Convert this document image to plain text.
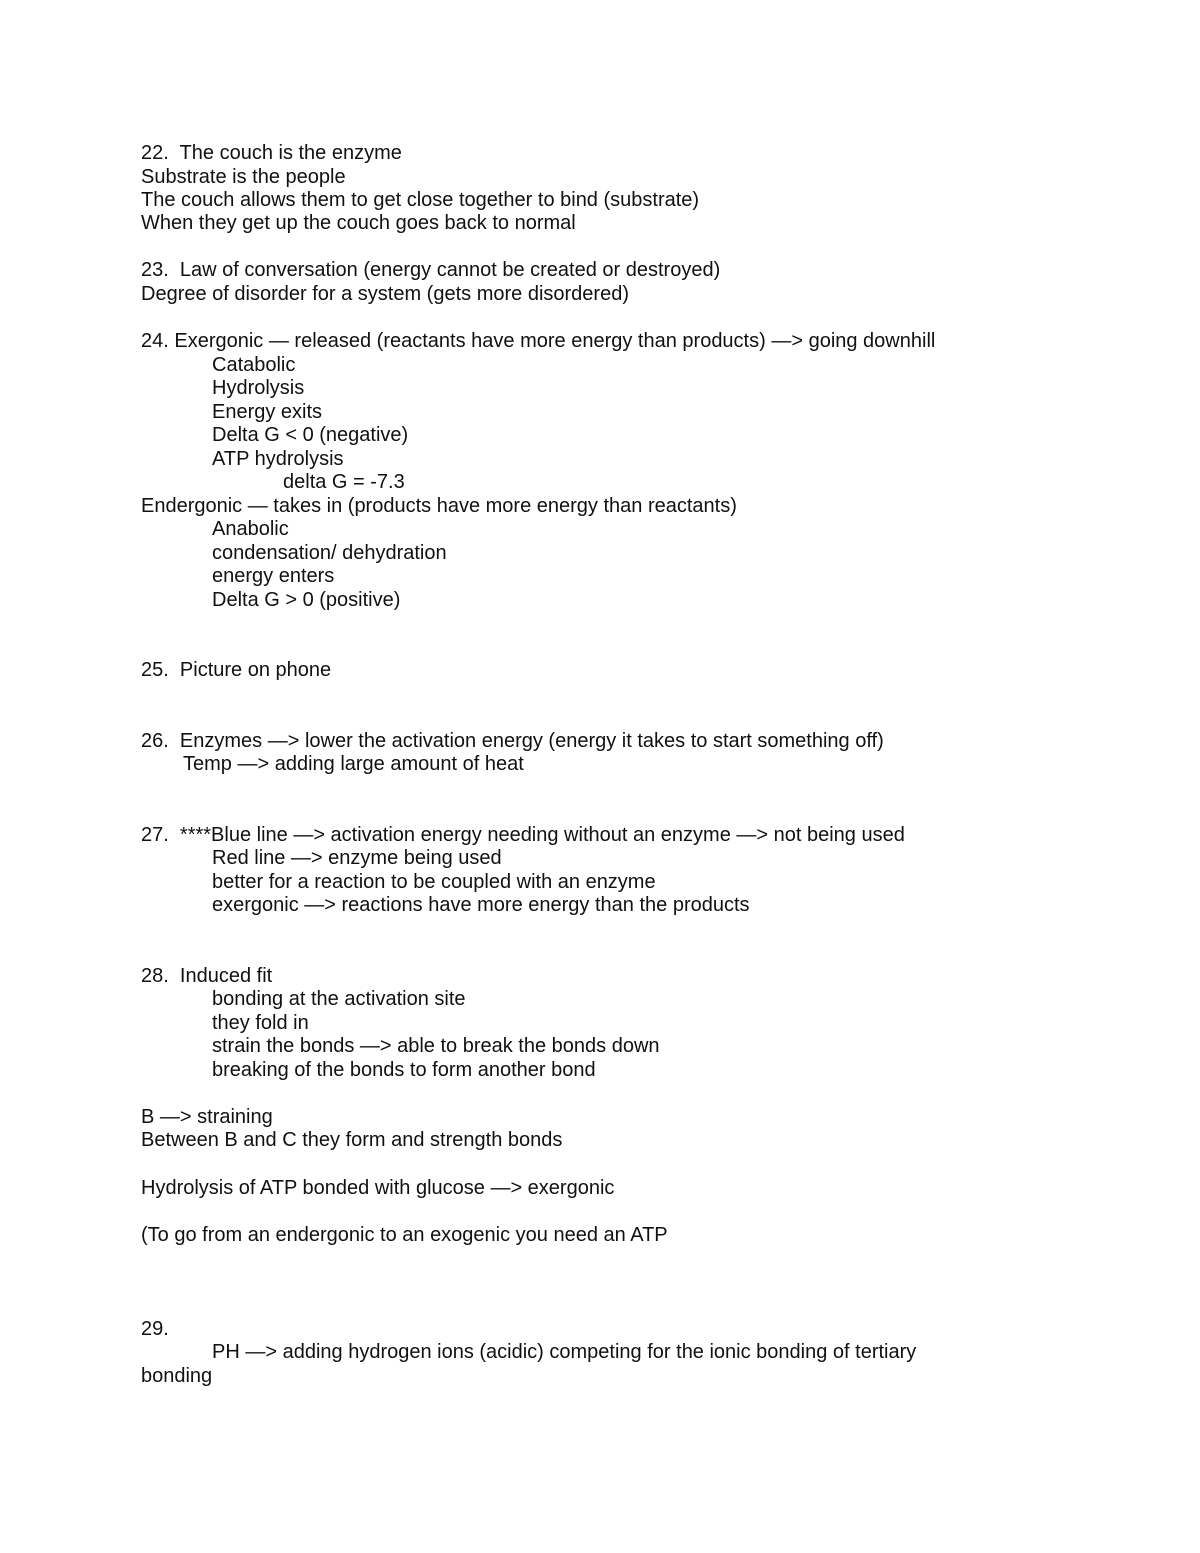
22.  The couch is the enzyme
Substrate is the people
The couch allows them to get close together to bind (substrate)
When they get up the couch goes back to normal
23.  Law of conversation (energy cannot be created or destroyed)
Degree of disorder for a system (gets more disordered)
24. Exergonic — released (reactants have more energy than products) —> going downhill
Catabolic
Hydrolysis
Energy exits
Delta G < 0 (negative)
ATP hydrolysis
delta G = -7.3
Endergonic — takes in (products have more energy than reactants)
Anabolic
condensation/ dehydration
energy enters
Delta G > 0 (positive)
25.  Picture on phone
26.  Enzymes —> lower the activation energy (energy it takes to start something off)
Temp —> adding large amount of heat
27.  ****Blue line —> activation energy needing without an enzyme —> not being used
Red line —> enzyme being used
better for a reaction to be coupled with an enzyme
exergonic —> reactions have more energy than the products
28.  Induced fit
bonding at the activation site
they fold in
strain the bonds —> able to break the bonds down
breaking of the bonds to form another bond
B —> straining
Between B and C they form and strength bonds
Hydrolysis of ATP bonded with glucose —> exergonic
(To go from an endergonic to an exogenic you need an ATP
29.
PH —> adding hydrogen ions (acidic) competing for the ionic bonding of tertiary
bonding
